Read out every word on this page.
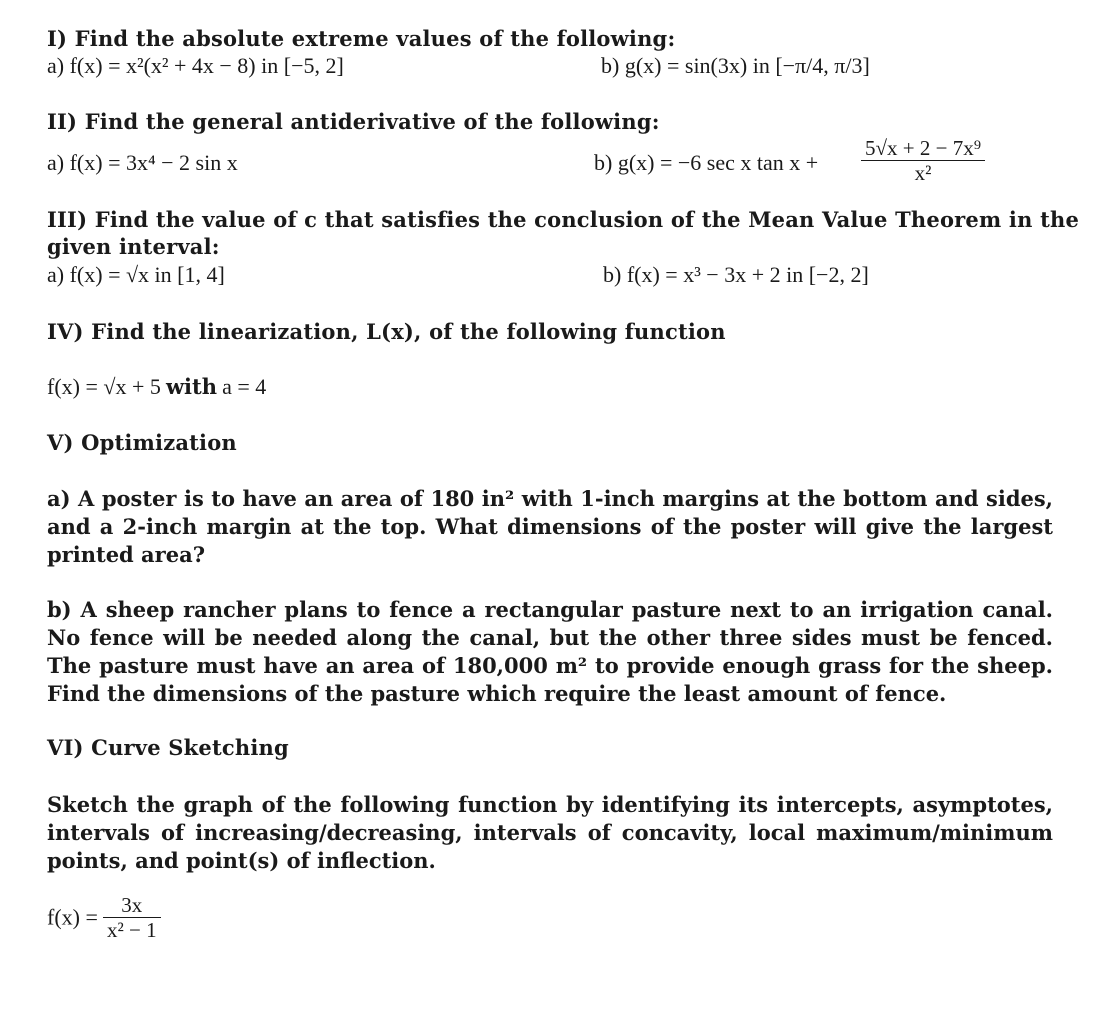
I) Find the absolute extreme values of the following:
a) f(x) = x²(x² + 4x − 8) in [−5, 2]	b) g(x) = sin(3x) in [−π/4, π/3]
II) Find the general antiderivative of the following:
a) f(x) = 3x⁴ − 2 sin x	b) g(x) = −6 sec x $\tan x + \frac{\text{5√x + 2 − 7x⁹}}{\text{x²}}$
III) Find the value of c that satisfies the conclusion of the Mean Value Theorem in the
given interval:
a) f(x) = √x in [1, 4]	b) f(x) = x³ − 3x + 2 in [−2, 2]
IV) Find the linearization, L(x), of the following function
f(x) = √x + 5 with a = 4
V) Optimization
a) A poster is to have an area of 180 in² with 1-inch margins at the bottom and sides, and a 2-inch margin at the top. What dimensions of the poster will give the largest printed area?
b) A sheep rancher plans to fence a rectangular pasture next to an irrigation canal. No fence will be needed along the canal, but the other three sides must be fenced. The pasture must have an area of 180,000 m² to provide enough grass for the sheep. Find the dimensions of the pasture which require the least amount of fence.
VI) Curve Sketching
Sketch the graph of the following function by identifying its intercepts, asymptotes, intervals of increasing/decreasing, intervals of concavity, local maximum/minimum points, and point(s) of inflection.
$f(x) = \frac{3x}{\text{x² − 1}}$
